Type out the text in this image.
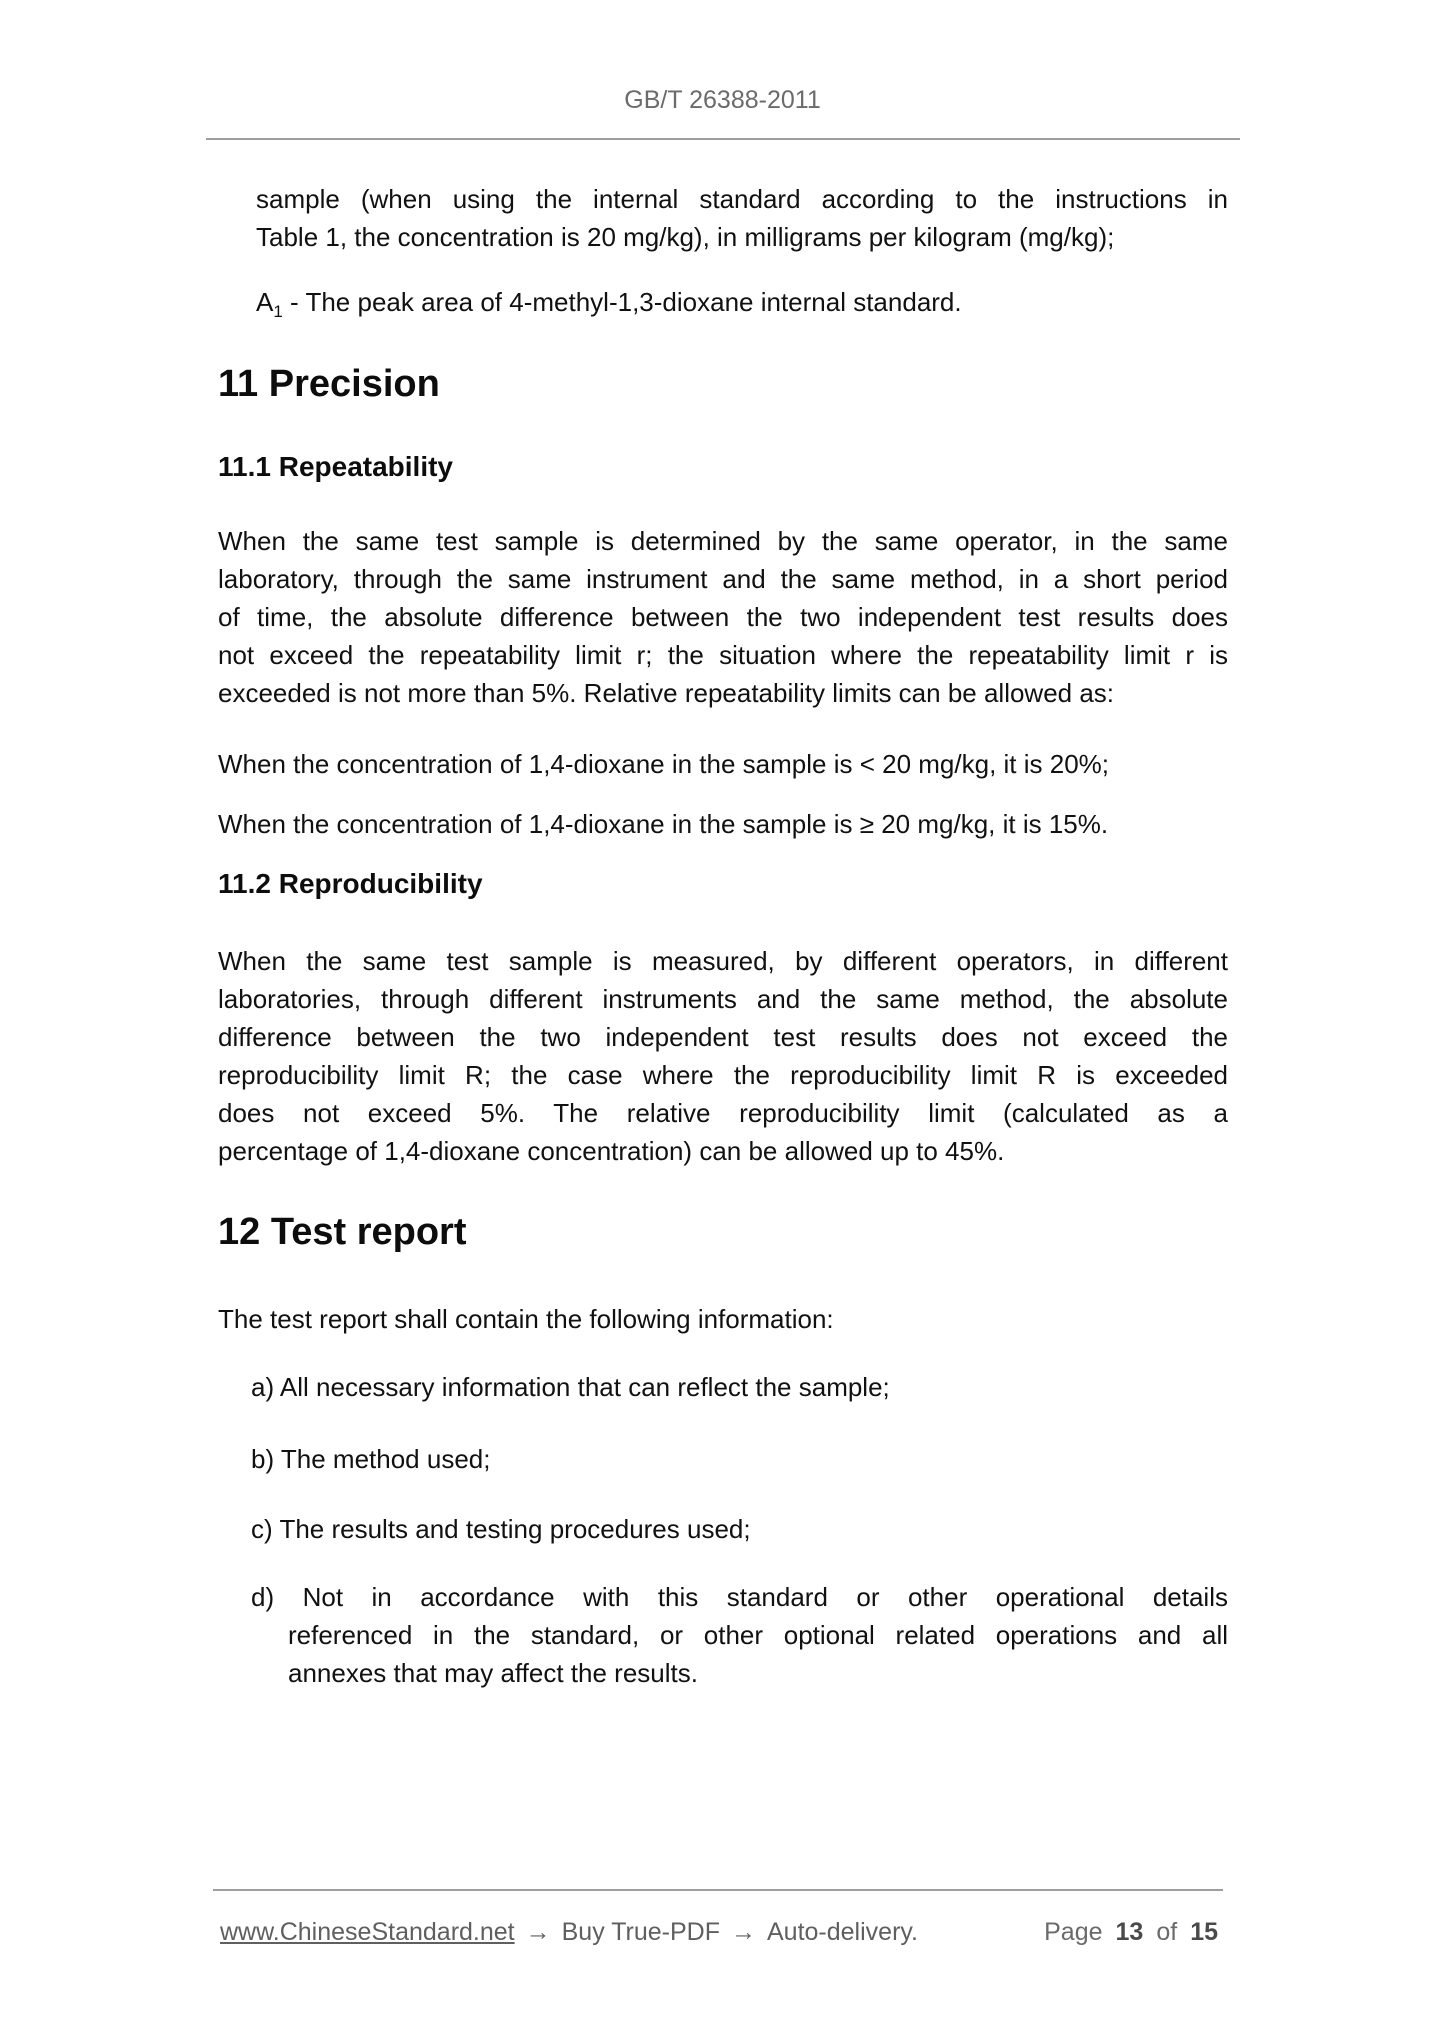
GB/T 26388-2011
sample (when using the internal standard according to the instructions in
Table 1, the concentration is 20 mg/kg), in milligrams per kilogram (mg/kg);
$A_1$ - The peak area of 4-methyl-1,3-dioxane internal standard.
11 Precision
11.1 Repeatability
When the same test sample is determined by the same operator, in the same
laboratory, through the same instrument and the same method, in a short period
of time, the absolute difference between the two independent test results does
not exceed the repeatability limit r; the situation where the repeatability limit r is
exceeded is not more than 5%. Relative repeatability limits can be allowed as:
When the concentration of 1,4-dioxane in the sample is < 20 mg/kg, it is 20%;
When the concentration of 1,4-dioxane in the sample is ≥ 20 mg/kg, it is 15%.
11.2 Reproducibility
When the same test sample is measured, by different operators, in different
laboratories, through different instruments and the same method, the absolute
difference between the two independent test results does not exceed the
reproducibility limit R; the case where the reproducibility limit R is exceeded
does not exceed 5%. The relative reproducibility limit (calculated as a
percentage of 1,4-dioxane concentration) can be allowed up to 45%.
12 Test report
The test report shall contain the following information:
a) All necessary information that can reflect the sample;
b) The method used;
c) The results and testing procedures used;
d) Not in accordance with this standard or other operational details
referenced in the standard, or other optional related operations and all
annexes that may affect the results.
www.ChineseStandard.net → Buy True-PDF → Auto-delivery.	Page 13 of 15
